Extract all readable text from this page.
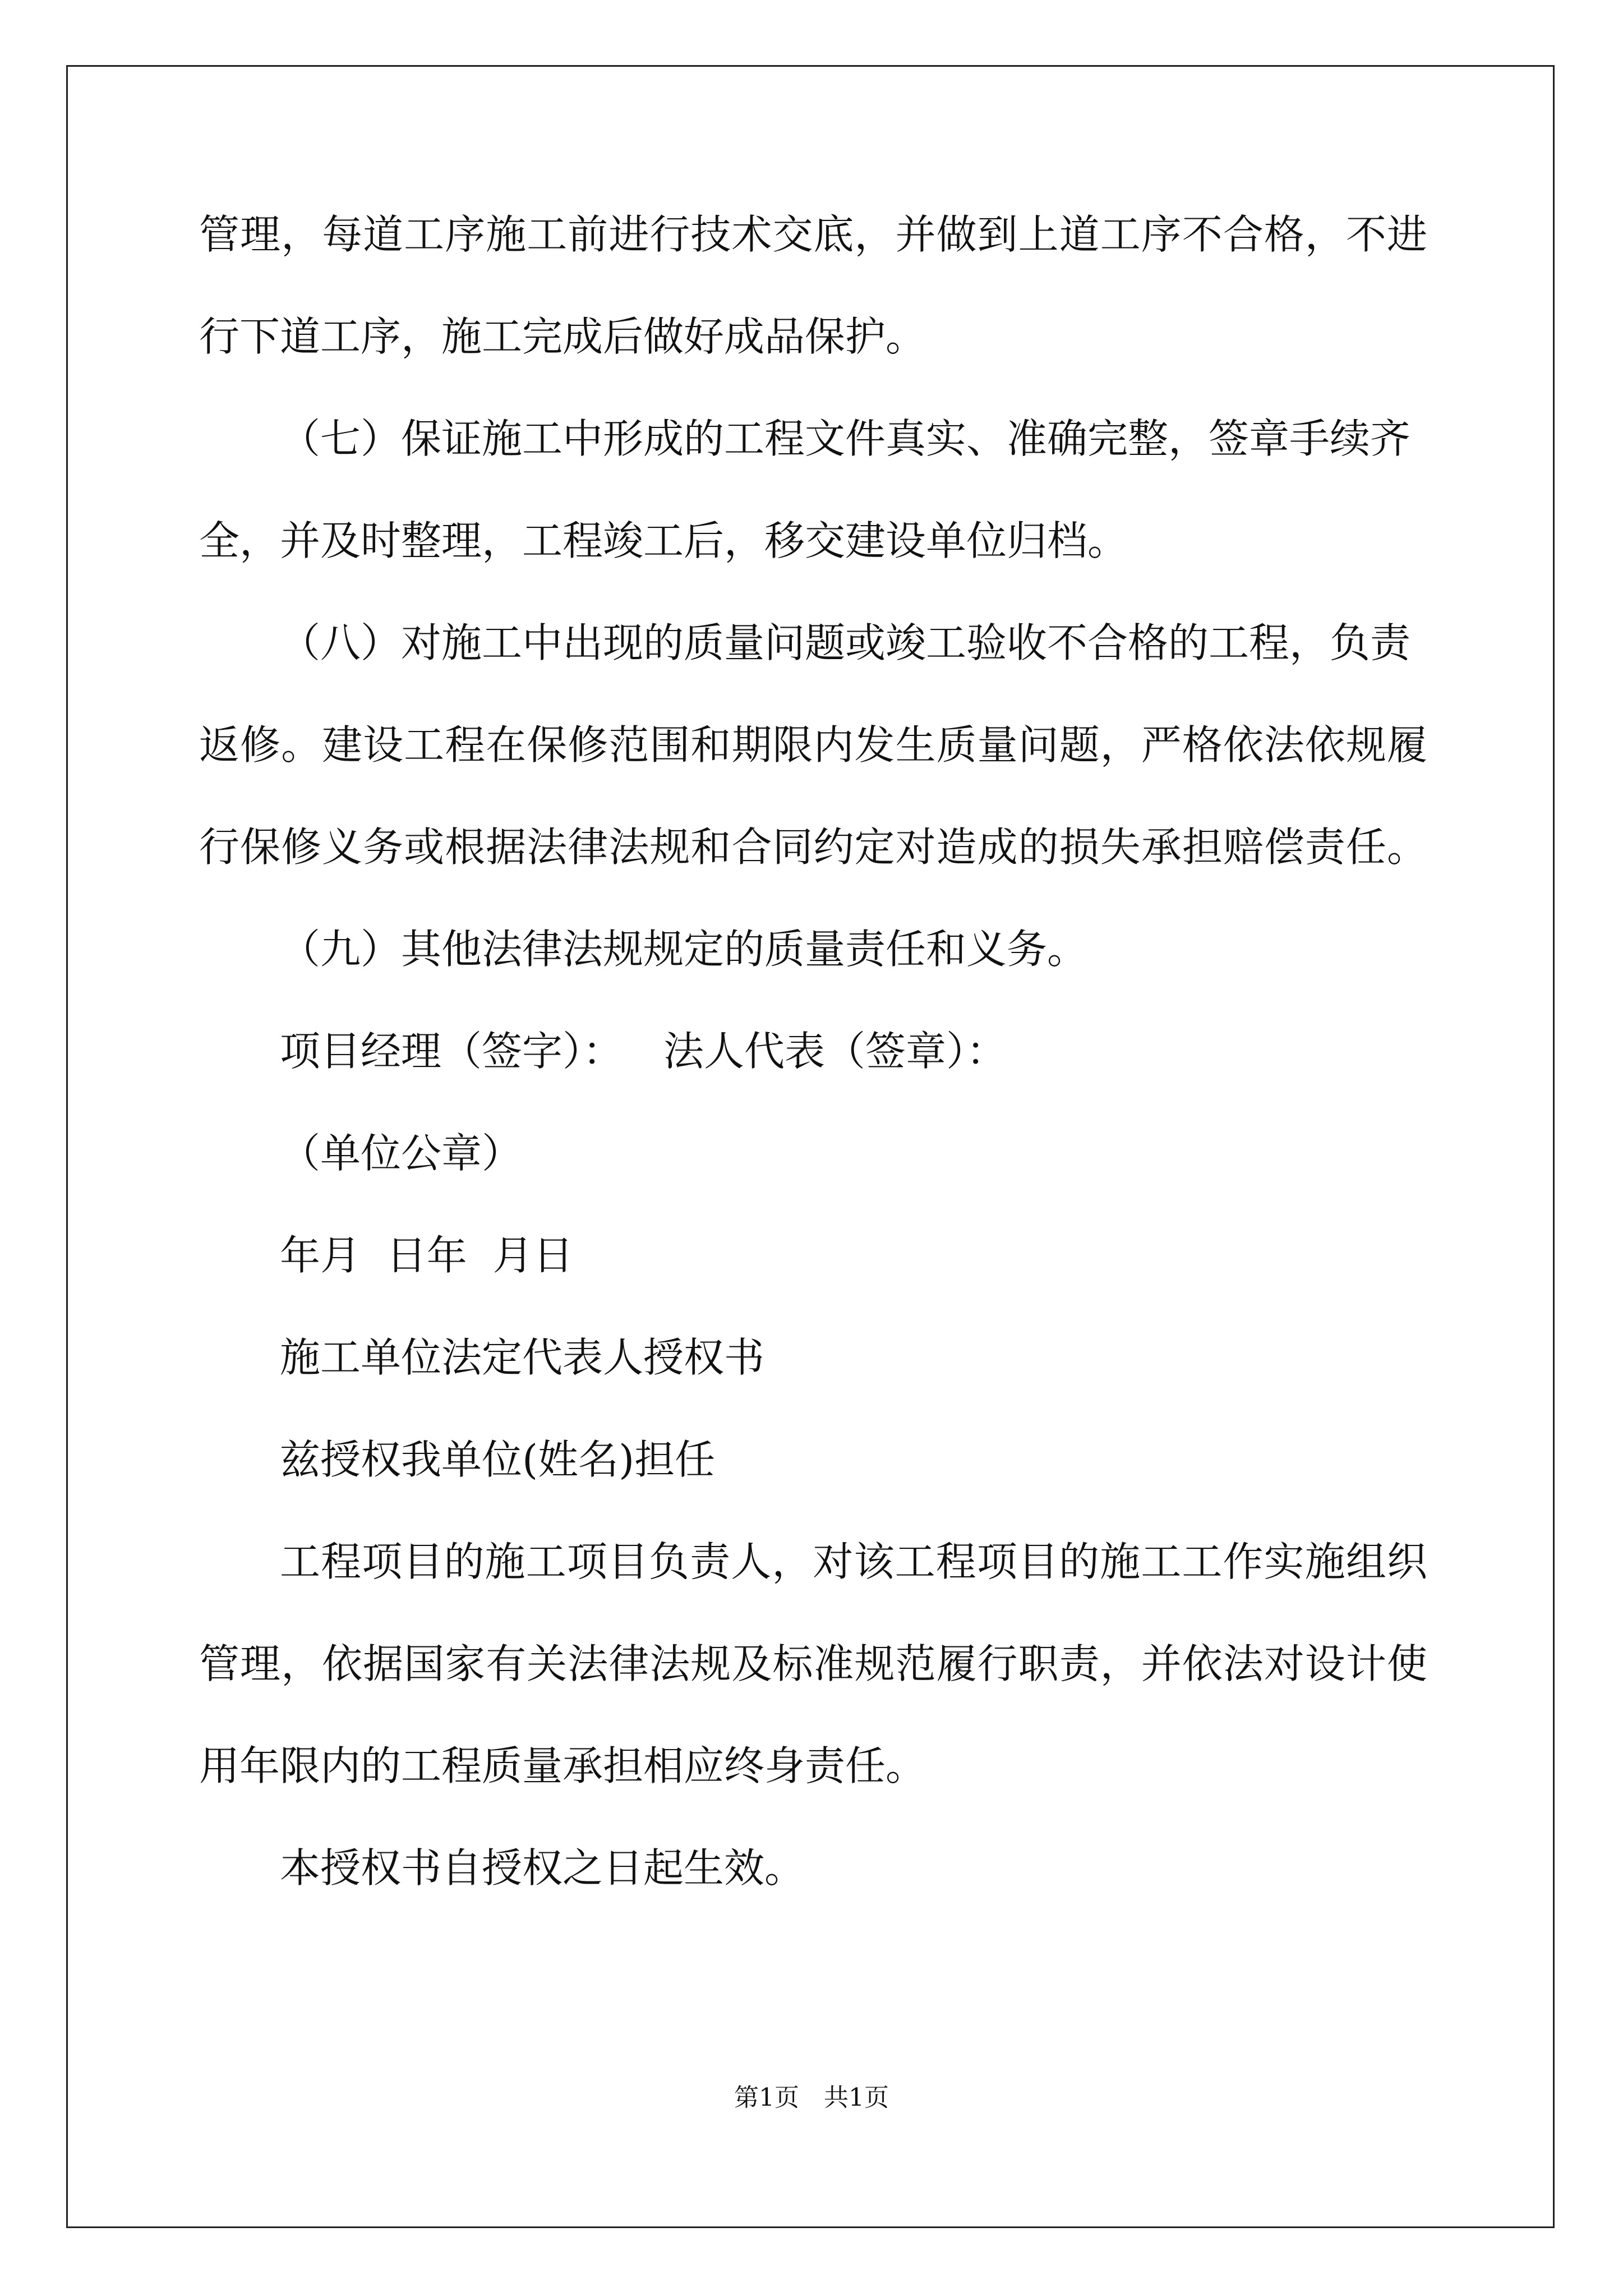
管理，每道工序施工前进行技术交底，并做到上道工序不合格，不进

行下道工序，施工完成后做好成品保护。

（七）保证施工中形成的工程文件真实、准确完整，签章手续齐

全，并及时整理，工程竣工后，移交建设单位归档。

（八）对施工中出现的质量问题或竣工验收不合格的工程，负责

返修。建设工程在保修范围和期限内发生质量问题，严格依法依规履

行保修义务或根据法律法规和合同约定对造成的损失承担赔偿责任。

（九）其他法律法规规定的质量责任和义务。

项目经理（签字）： 法人代表（签章）：

（单位公章）

年月  日年  月日

施工单位法定代表人授权书

兹授权我单位(姓名)担任

工程项目的施工项目负责人，对该工程项目的施工工作实施组织

管理，依据国家有关法律法规及标准规范履行职责，并依法对设计使

用年限内的工程质量承担相应终身责任。

本授权书自授权之日起生效。

第1页 共1页
